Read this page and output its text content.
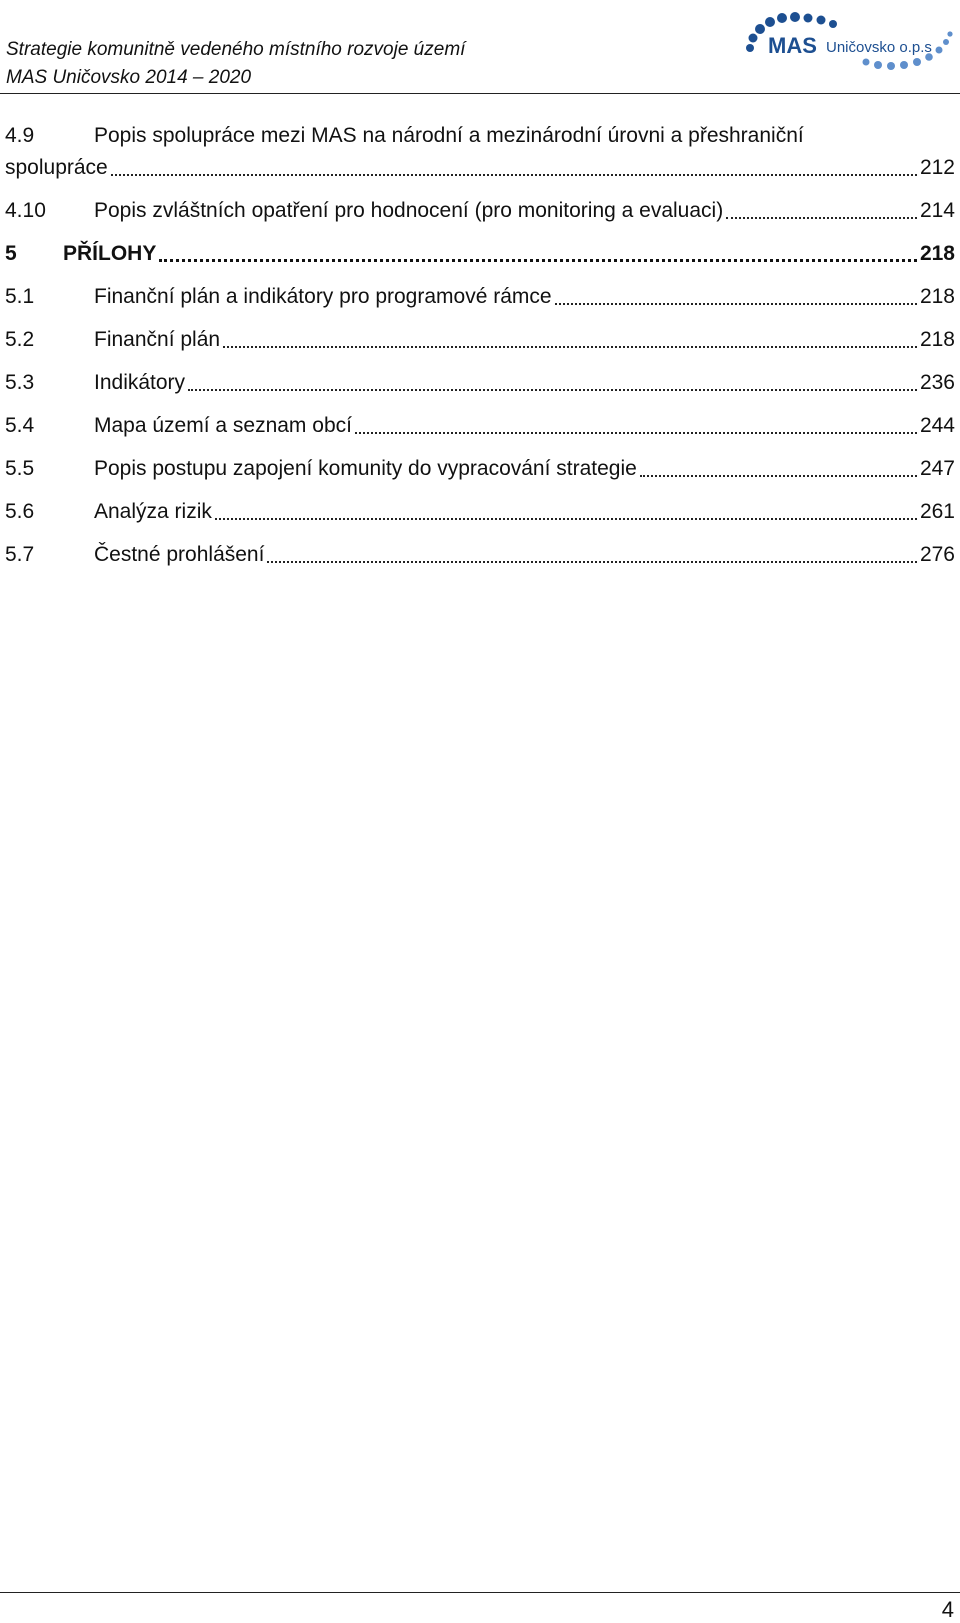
Strategie komunitně vedeného místního rozvoje území
MAS Uničovsko 2014 – 2020
MAS Uničovsko o.p.s
4.9	Popis spolupráce mezi MAS na národní a mezinárodní úrovni a přeshraniční
spolupráce	212
4.10	Popis zvláštních opatření pro hodnocení (pro monitoring a evaluaci)	214
5	PŘÍLOHY	218
5.1	Finanční plán a indikátory pro programové rámce	218
5.2	Finanční plán	218
5.3	Indikátory	236
5.4	Mapa území a seznam obcí	244
5.5	Popis postupu zapojení komunity do vypracování strategie	247
5.6	Analýza rizik	261
5.7	Čestné prohlášení	276
4
